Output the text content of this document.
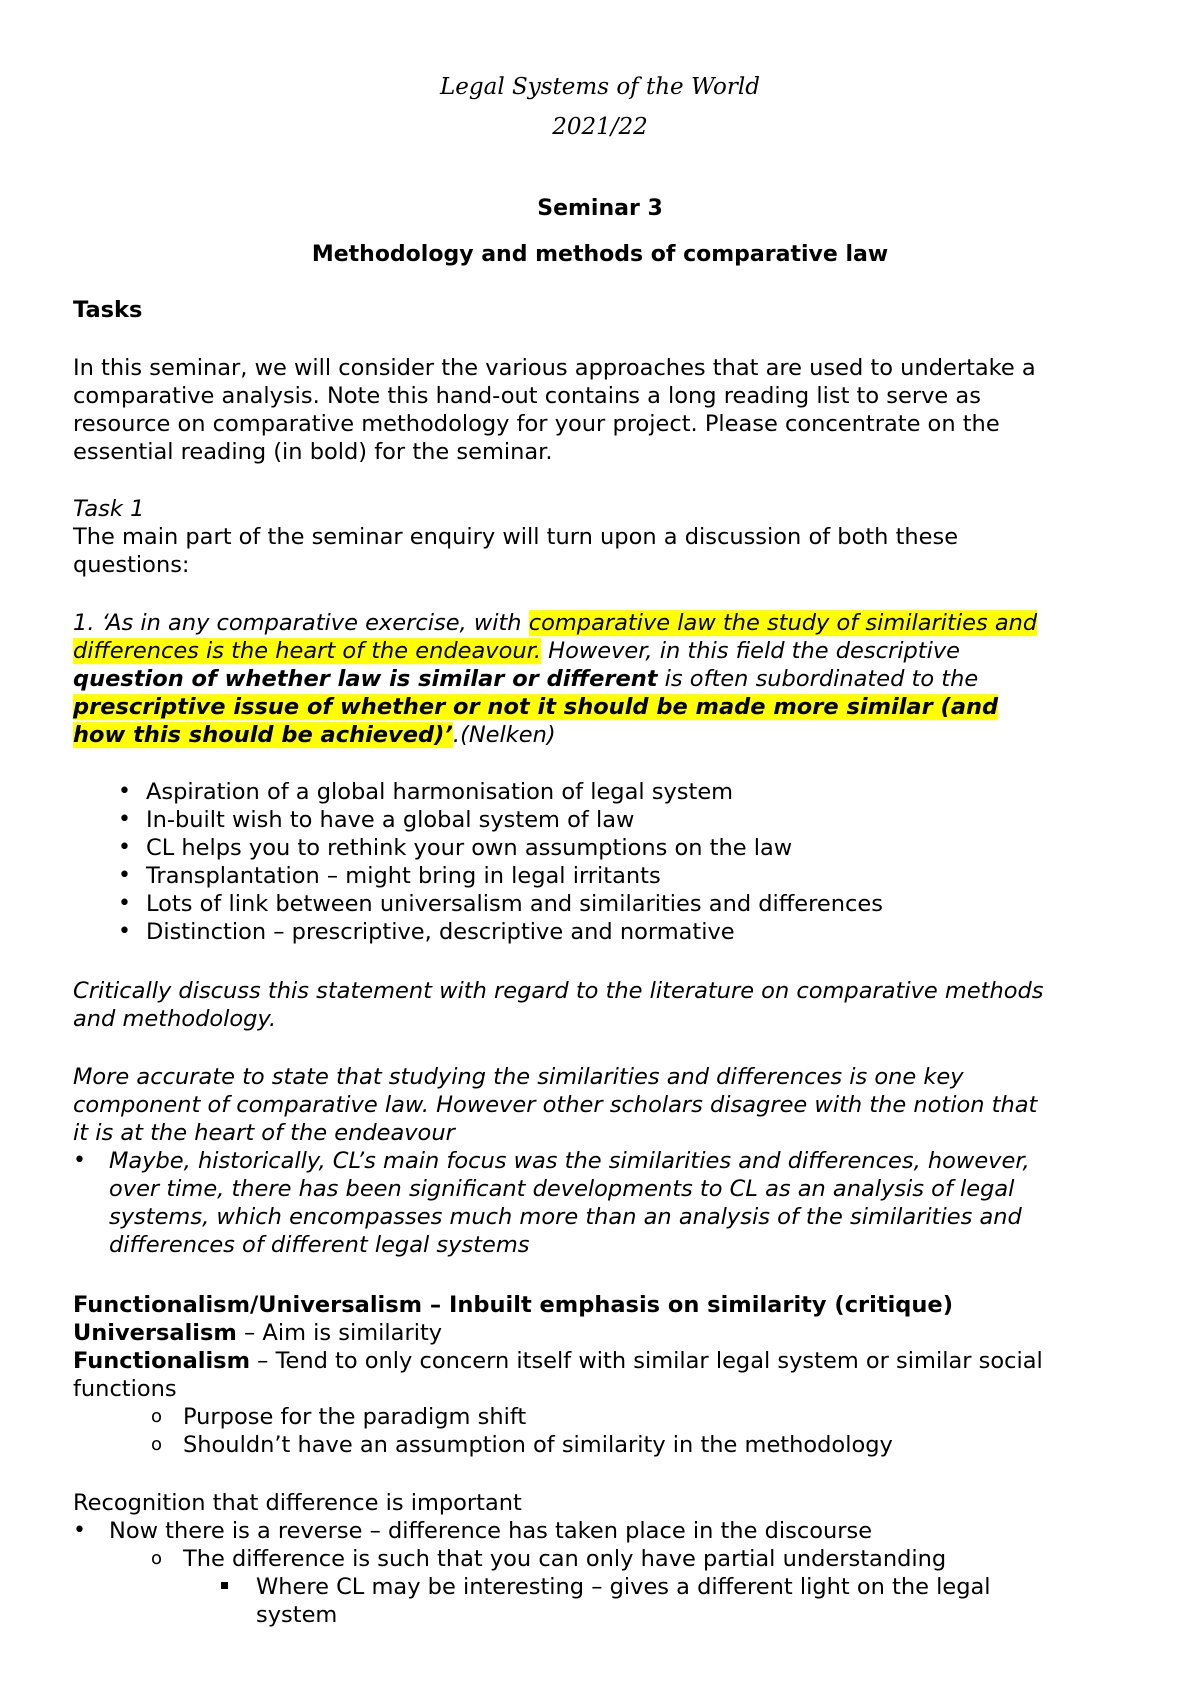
Legal Systems of the World
2021/22
Seminar 3
Methodology and methods of comparative law
Tasks
In this seminar, we will consider the various approaches that are used to undertake a
comparative analysis. Note this hand-out contains a long reading list to serve as
resource on comparative methodology for your project. Please concentrate on the
essential reading (in bold) for the seminar.
Task 1
The main part of the seminar enquiry will turn upon a discussion of both these
questions:
1. ‘As in any comparative exercise, with comparative law the study of similarities and
differences is the heart of the endeavour. However, in this field the descriptive
question of whether law is similar or different is often subordinated to the
prescriptive issue of whether or not it should be made more similar (and
how this should be achieved)’.(Nelken)
• Aspiration of a global harmonisation of legal system
• In-built wish to have a global system of law
• CL helps you to rethink your own assumptions on the law
• Transplantation – might bring in legal irritants
• Lots of link between universalism and similarities and differences
• Distinction – prescriptive, descriptive and normative
Critically discuss this statement with regard to the literature on comparative methods
and methodology.
More accurate to state that studying the similarities and differences is one key
component of comparative law. However other scholars disagree with the notion that
it is at the heart of the endeavour
• Maybe, historically, CL’s main focus was the similarities and differences, however,
over time, there has been significant developments to CL as an analysis of legal
systems, which encompasses much more than an analysis of the similarities and
differences of different legal systems
Functionalism/Universalism – Inbuilt emphasis on similarity (critique)
Universalism – Aim is similarity
Functionalism – Tend to only concern itself with similar legal system or similar social
functions
o Purpose for the paradigm shift
o Shouldn’t have an assumption of similarity in the methodology
Recognition that difference is important
• Now there is a reverse – difference has taken place in the discourse
o The difference is such that you can only have partial understanding
Where CL may be interesting – gives a different light on the legal
system
